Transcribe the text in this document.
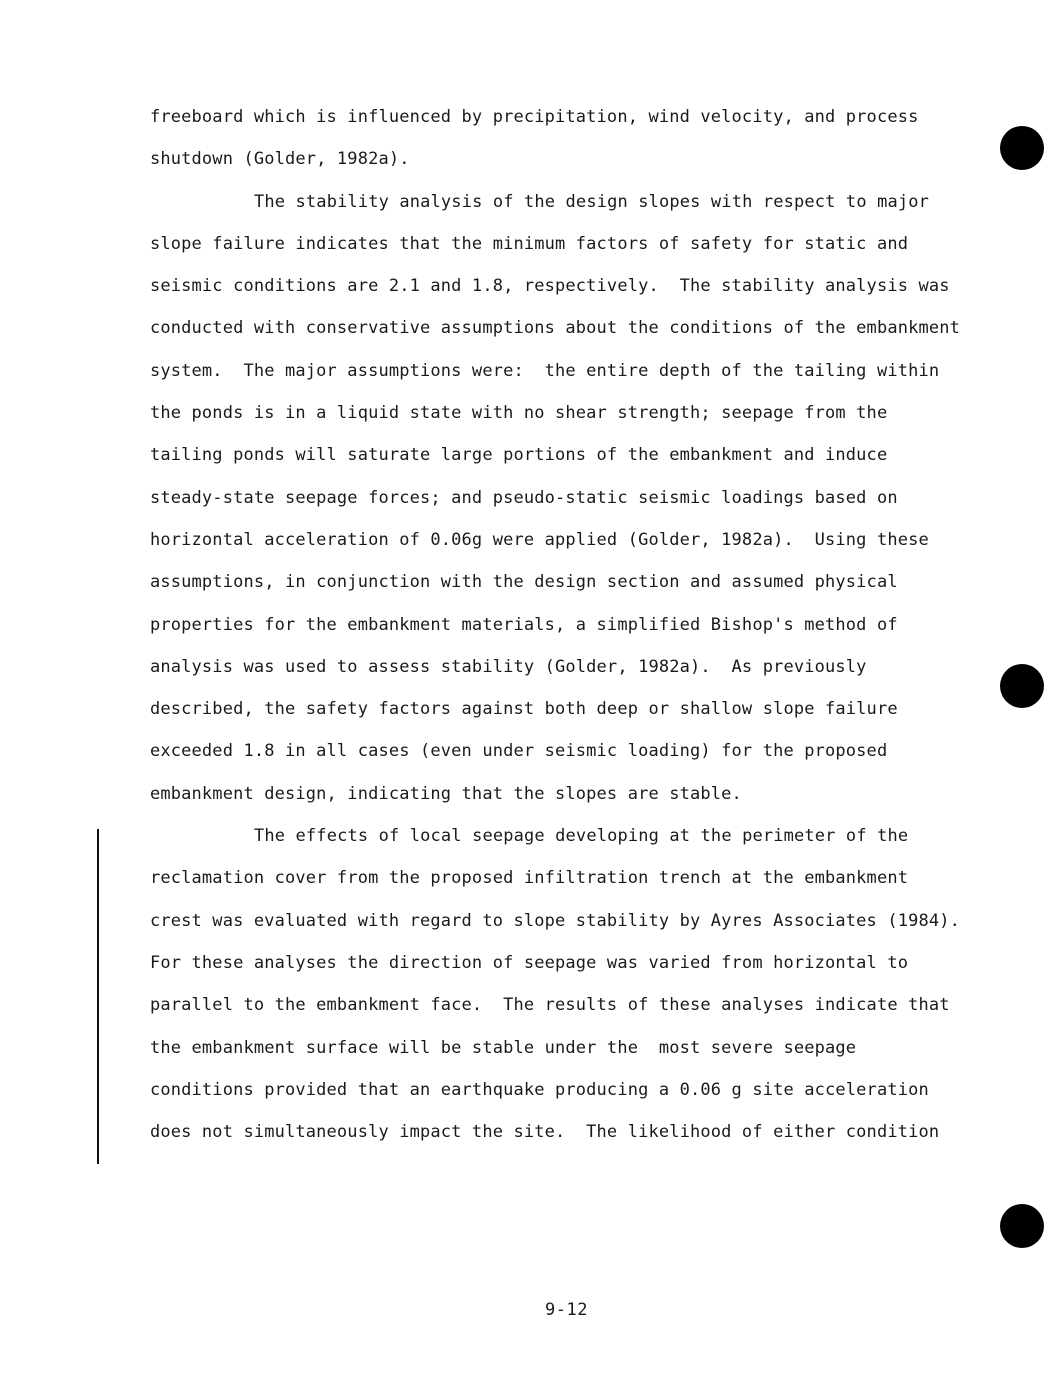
freeboard which is influenced by precipitation, wind velocity, and process
shutdown (Golder, 1982a).
The stability analysis of the design slopes with respect to major
slope failure indicates that the minimum factors of safety for static and
seismic conditions are 2.1 and 1.8, respectively.  The stability analysis was
conducted with conservative assumptions about the conditions of the embankment
system.  The major assumptions were:  the entire depth of the tailing within
the ponds is in a liquid state with no shear strength; seepage from the
tailing ponds will saturate large portions of the embankment and induce
steady-state seepage forces; and pseudo-static seismic loadings based on
horizontal acceleration of 0.06g were applied (Golder, 1982a).  Using these
assumptions, in conjunction with the design section and assumed physical
properties for the embankment materials, a simplified Bishop's method of
analysis was used to assess stability (Golder, 1982a).  As previously
described, the safety factors against both deep or shallow slope failure
exceeded 1.8 in all cases (even under seismic loading) for the proposed
embankment design, indicating that the slopes are stable.
The effects of local seepage developing at the perimeter of the
reclamation cover from the proposed infiltration trench at the embankment
crest was evaluated with regard to slope stability by Ayres Associates (1984).
For these analyses the direction of seepage was varied from horizontal to
parallel to the embankment face.  The results of these analyses indicate that
the embankment surface will be stable under the  most severe seepage
conditions provided that an earthquake producing a 0.06 g site acceleration
does not simultaneously impact the site.  The likelihood of either condition
9-12
